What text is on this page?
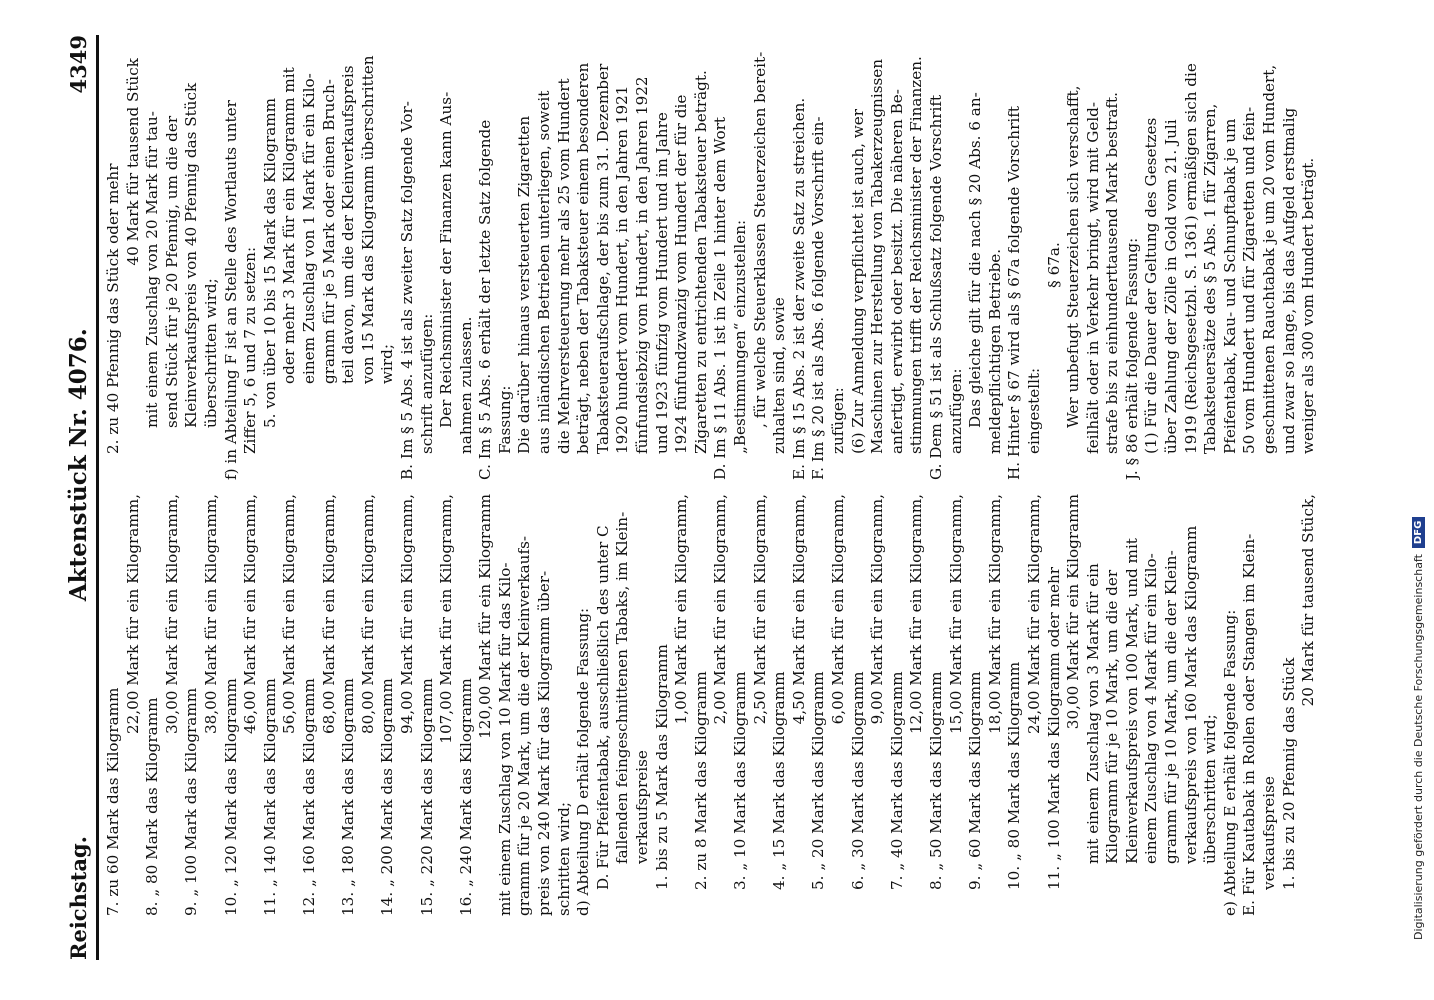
Reichstag.
Aktenstück Nr. 4076.
4349
7. zu 60 Mark das Kilogramm
22,00 Mark für ein Kilogramm,
8. „ 80 Mark das Kilogramm
30,00 Mark für ein Kilogramm,
9. „ 100 Mark das Kilogramm
38,00 Mark für ein Kilogramm,
10. „ 120 Mark das Kilogramm
46,00 Mark für ein Kilogramm,
11. „ 140 Mark das Kilogramm
56,00 Mark für ein Kilogramm,
12. „ 160 Mark das Kilogramm
68,00 Mark für ein Kilogramm,
13. „ 180 Mark das Kilogramm
80,00 Mark für ein Kilogramm,
14. „ 200 Mark das Kilogramm
94,00 Mark für ein Kilogramm,
15. „ 220 Mark das Kilogramm
107,00 Mark für ein Kilogramm,
16. „ 240 Mark das Kilogramm
120,00 Mark für ein Kilogramm mit einem Zuschlag von 10 Mark für das Kilo- gramm für je 20 Mark, um die der Kleinverkaufs- preis von 240 Mark für das Kilogramm über- schritten wird; d) Abteilung D erhält folgende Fassung: D. Für Pfeifentabak, ausschließlich des unter C fallenden feingeschnittenen Tabaks, im Klein- verkaufspreise 1. bis zu 5 Mark das Kilogramm
1,00 Mark für ein Kilogramm,
2. zu 8 Mark das Kilogramm
2,00 Mark für ein Kilogramm,
3. „ 10 Mark das Kilogramm
2,50 Mark für ein Kilogramm,
4. „ 15 Mark das Kilogramm
4,50 Mark für ein Kilogramm,
5. „ 20 Mark das Kilogramm
6,00 Mark für ein Kilogramm,
6. „ 30 Mark das Kilogramm
9,00 Mark für ein Kilogramm,
7. „ 40 Mark das Kilogramm
12,00 Mark für ein Kilogramm,
8. „ 50 Mark das Kilogramm
15,00 Mark für ein Kilogramm,
9. „ 60 Mark das Kilogramm
18,00 Mark für ein Kilogramm,
10. „ 80 Mark das Kilogramm
24,00 Mark für ein Kilogramm, 11. „ 100 Mark das Kilogramm oder mehr 30,00 Mark für ein Kilogramm mit einem Zuschlag von 3 Mark für ein Kilogramm für je 10 Mark, um die der Kleinverkaufspreis von 100 Mark, und mit einem Zuschlag von 4 Mark für ein Kilo- gramm für je 10 Mark, um die der Klein- verkaufspreis von 160 Mark das Kilogramm überschritten wird; e) Abteilung E erhält folgende Fassung: E. Für Kautabak in Rollen oder Stangen im Klein- verkaufspreise 1. bis zu 20 Pfennig das Stück
20 Mark für tausend Stück,
2. zu 40 Pfennig das Stück oder mehr
40 Mark für tausend Stück mit einem Zuschlag von 20 Mark für tau- send Stück für je 20 Pfennig, um die der Kleinverkaufspreis von 40 Pfennig das Stück überschritten wird; f) in Abteilung F ist an Stelle des Wortlauts unter Ziffer 5, 6 und 7 zu setzen: 5. von über 10 bis 15 Mark das Kilogramm oder mehr 3 Mark für ein Kilogramm mit einem Zuschlag von 1 Mark für ein Kilo- gramm für je 5 Mark oder einen Bruch- teil davon, um die der Kleinverkaufspreis von 15 Mark das Kilogramm überschritten wird; B. Im § 5 Abs. 4 ist als zweiter Satz folgende Vor- schrift anzufügen: Der Reichsminister der Finanzen kann Aus- nahmen zulassen. C. Im § 5 Abs. 6 erhält der letzte Satz folgende Fassung: Die darüber hinaus versteuerten Zigaretten aus inländischen Betrieben unterliegen, soweit die Mehrversteuerung mehr als 25 vom Hundert beträgt, neben der Tabaksteuer einem besonderen Tabaksteueraufschlage, der bis zum 31. Dezember 1920 hundert vom Hundert, in den Jahren 1921 fünfundsiebzig vom Hundert, in den Jahren 1922 und 1923 fünfzig vom Hundert und im Jahre 1924 fünfundzwanzig vom Hundert der für die Zigaretten zu entrichtenden Tabaksteuer beträgt. D. Im § 11 Abs. 1 ist in Zeile 1 hinter dem Wort „Bestimmungen“ einzustellen: , für welche Steuerklassen Steuerzeichen bereit- zuhalten sind, sowie E. Im § 15 Abs. 2 ist der zweite Satz zu streichen. F. Im § 20 ist als Abs. 6 folgende Vorschrift ein- zufügen: (6) Zur Anmeldung verpflichtet ist auch, wer Maschinen zur Herstellung von Tabakerzeugnissen anfertigt, erwirbt oder besitzt. Die näheren Be- stimmungen trifft der Reichsminister der Finanzen. G. Dem § 51 ist als Schlußsatz folgende Vorschrift anzufügen: Das gleiche gilt für die nach § 20 Abs. 6 an- meldepflichtigen Betriebe. H. Hinter § 67 wird als § 67a folgende Vorschrift eingestellt:
§ 67a. Wer unbefugt Steuerzeichen sich verschafft, feilhält oder in Verkehr bringt, wird mit Geld- strafe bis zu einhunderttausend Mark bestraft. J. § 86 erhält folgende Fassung: (1) Für die Dauer der Geltung des Gesetzes über Zahlung der Zölle in Gold vom 21. Juli 1919 (Reichsgesetzbl. S. 1361) ermäßigen sich die Tabaksteuersätze des § 5 Abs. 1 für Zigarren, Pfeifentabak, Kau- und Schnupftabak je um 50 vom Hundert und für Zigaretten und fein- geschnittenen Rauchtabak je um 20 vom Hundert, und zwar so lange, bis das Aufgeld erstmalig weniger als 300 vom Hundert beträgt.
Digitalisierung gefördert durch die Deutsche Forschungsgemeinschaft
DFG
